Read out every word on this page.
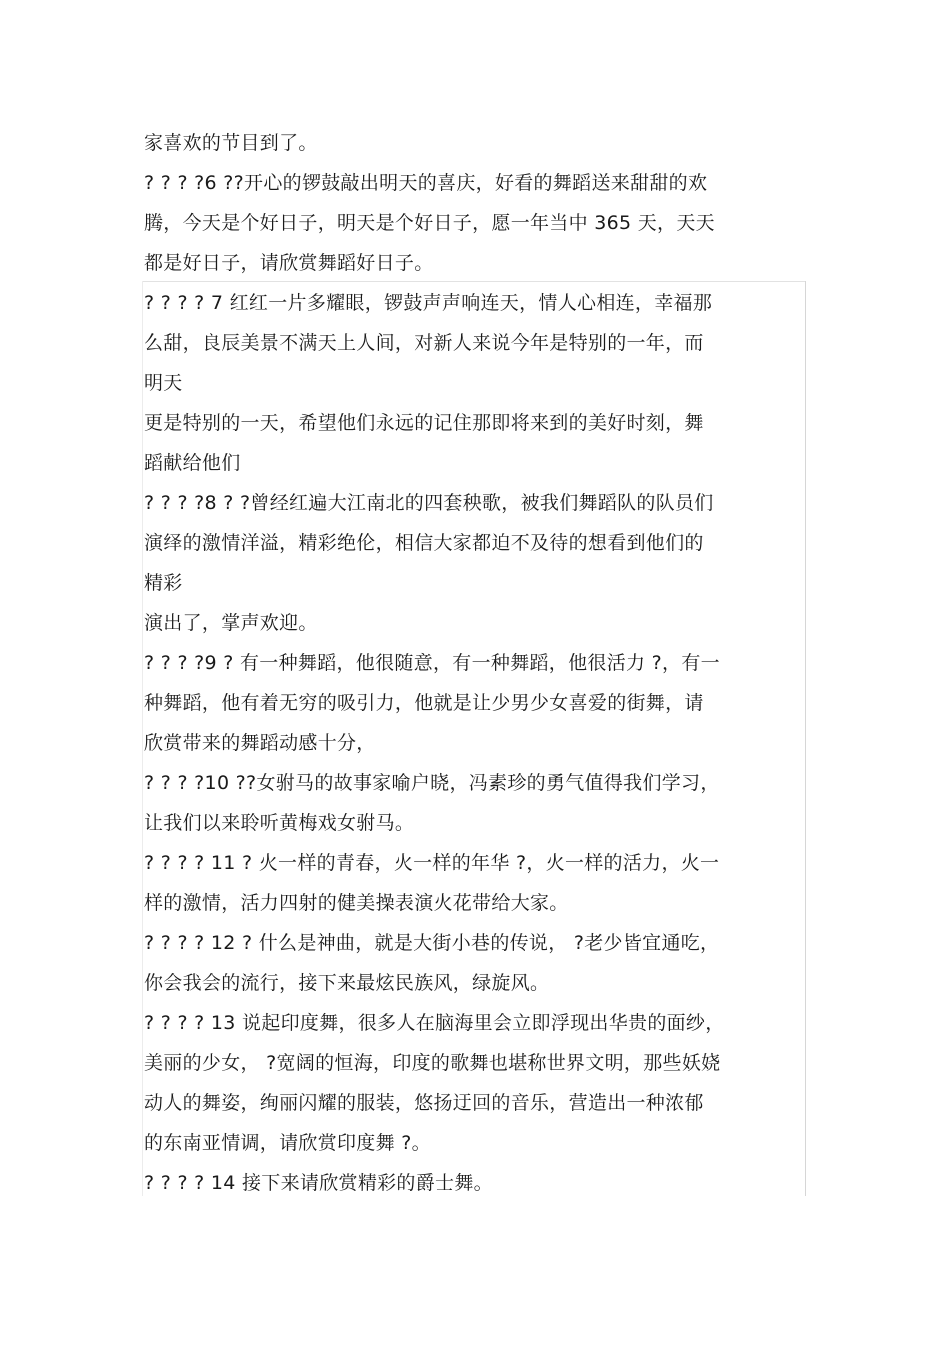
家喜欢的节目到了。
? ? ? ?6 ??开心的锣鼓敲出明天的喜庆，好看的舞蹈送来甜甜的欢
腾，今天是个好日子，明天是个好日子，愿一年当中 365 天，天天
都是好日子，请欣赏舞蹈好日子。
? ? ? ? 7 红红一片多耀眼，锣鼓声声响连天，情人心相连，幸福那
么甜，良辰美景不满天上人间，对新人来说今年是特别的一年，而
明天
更是特别的一天，希望他们永远的记住那即将来到的美好时刻，舞
蹈献给他们
? ? ? ?8 ? ?曾经红遍大江南北的四套秧歌，被我们舞蹈队的队员们
演绎的激情洋溢，精彩绝伦，相信大家都迫不及待的想看到他们的
精彩
演出了，掌声欢迎。
? ? ? ?9 ? 有一种舞蹈，他很随意，有一种舞蹈，他很活力 ?，有一
种舞蹈，他有着无穷的吸引力，他就是让少男少女喜爱的街舞，请
欣赏带来的舞蹈动感十分，
? ? ? ?10 ??女驸马的故事家喻户晓，冯素珍的勇气值得我们学习，
让我们以来聆听黄梅戏女驸马。
? ? ? ? 11 ? 火一样的青春，火一样的年华 ?，火一样的活力，火一
样的激情，活力四射的健美操表演火花带给大家。
? ? ? ? 12 ? 什么是神曲，就是大街小巷的传说， ?老少皆宜通吃，
你会我会的流行，接下来最炫民族风，绿旋风。
? ? ? ? 13 说起印度舞，很多人在脑海里会立即浮现出华贵的面纱，
美丽的少女， ?宽阔的恒海，印度的歌舞也堪称世界文明，那些妖娆
动人的舞姿，绚丽闪耀的服装，悠扬迂回的音乐，营造出一种浓郁
的东南亚情调，请欣赏印度舞 ?。
? ? ? ? 14 接下来请欣赏精彩的爵士舞。
